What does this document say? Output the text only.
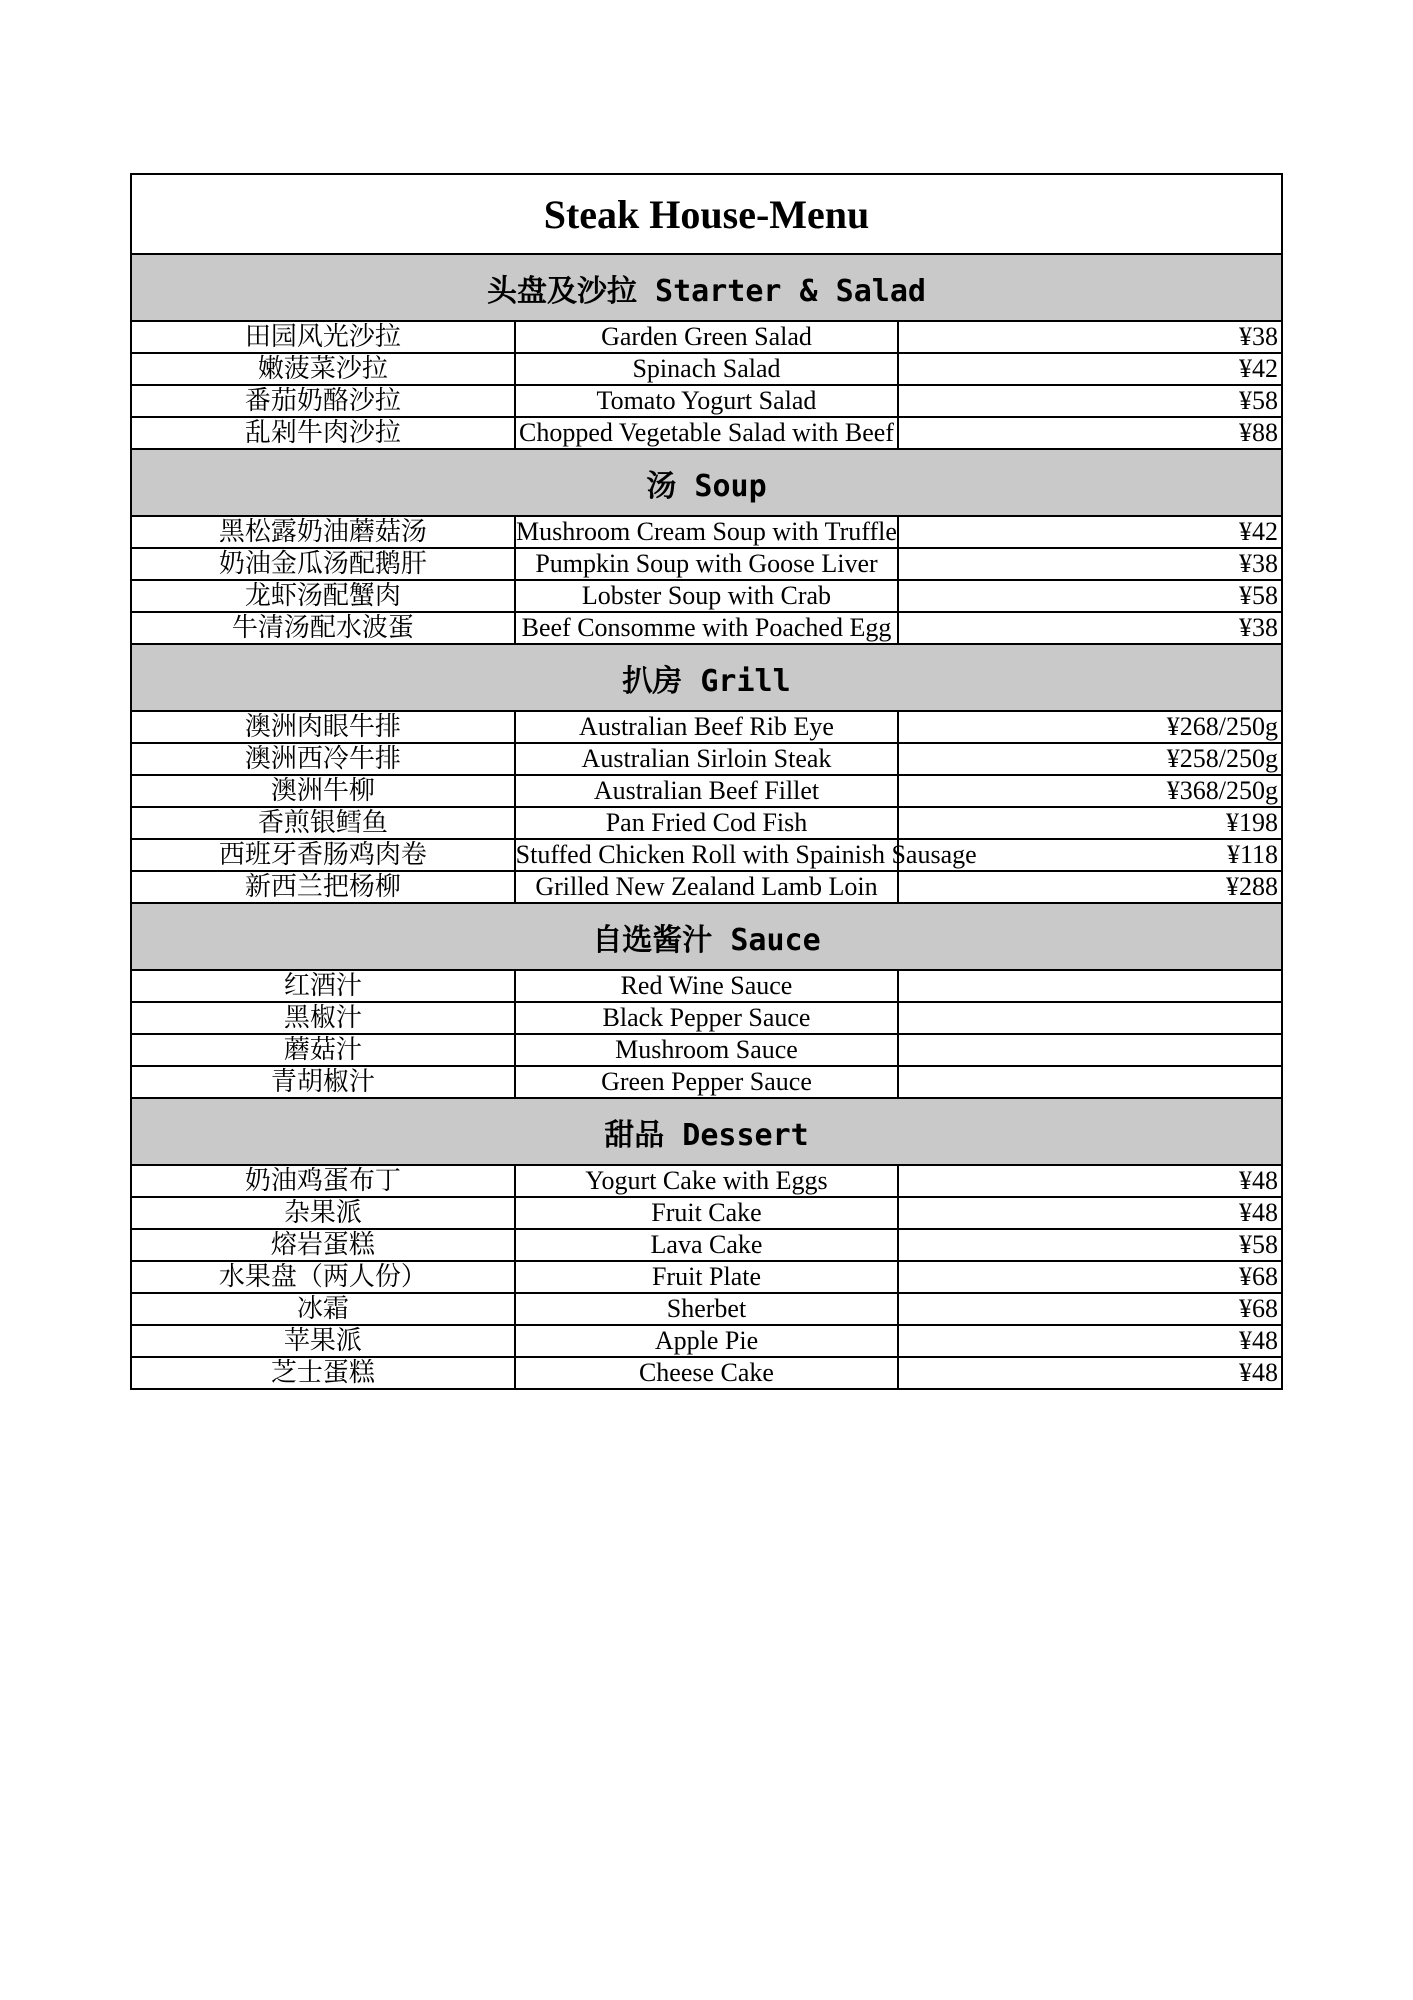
Steak House-Menu		
头盘及沙拉 Starter & Salad		
田园风光沙拉	Garden Green Salad	¥38
嫩菠菜沙拉	Spinach Salad	¥42
番茄奶酪沙拉	Tomato Yogurt Salad	¥58
乱剁牛肉沙拉	Chopped Vegetable Salad with Beef	¥88
汤 Soup		
黑松露奶油蘑菇汤	Mushroom Cream Soup with Truffle	¥42
奶油金瓜汤配鹅肝	Pumpkin Soup with Goose Liver	¥38
龙虾汤配蟹肉	Lobster Soup with Crab	¥58
牛清汤配水波蛋	Beef Consomme with Poached Egg	¥38
扒房 Grill		
澳洲肉眼牛排	Australian Beef Rib Eye	¥268/250g
澳洲西冷牛排	Australian Sirloin Steak	¥258/250g
澳洲牛柳	Australian Beef Fillet	¥368/250g
香煎银鳕鱼	Pan Fried Cod Fish	¥198
西班牙香肠鸡肉卷	Stuffed Chicken Roll with Spainish Sausage	¥118
新西兰把杨柳	Grilled New Zealand Lamb Loin	¥288
自选酱汁 Sauce		
红酒汁	Red Wine Sauce	
黑椒汁	Black Pepper Sauce	
蘑菇汁	Mushroom Sauce	
青胡椒汁	Green Pepper Sauce	
甜品 Dessert		
奶油鸡蛋布丁	Yogurt Cake with Eggs	¥48
杂果派	Fruit Cake	¥48
熔岩蛋糕	Lava Cake	¥58
水果盘（两人份）	Fruit Plate	¥68
冰霜	Sherbet	¥68
苹果派	Apple Pie	¥48
芝士蛋糕	Cheese Cake	¥48
